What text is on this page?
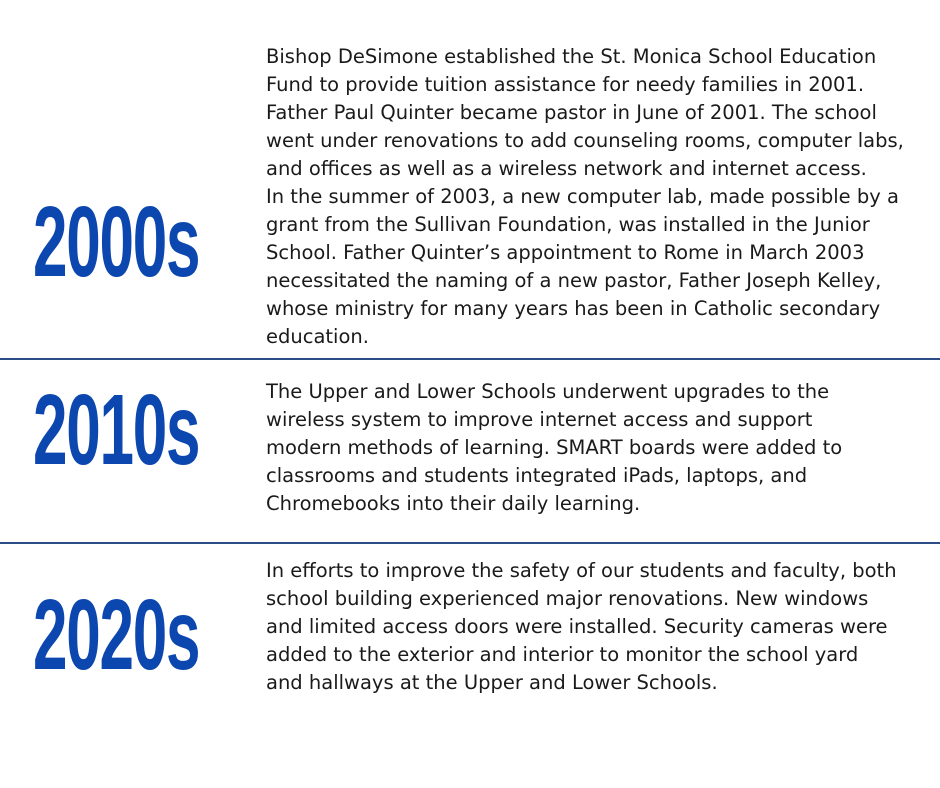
2000s
Bishop DeSimone established the St. Monica School Education
Fund to provide tuition assistance for needy families in 2001.
Father Paul Quinter became pastor in June of 2001. The school
went under renovations to add counseling rooms, computer labs,
and offices as well as a wireless network and internet access.
In the summer of 2003, a new computer lab, made possible by a
grant from the Sullivan Foundation, was installed in the Junior
School. Father Quinter’s appointment to Rome in March 2003
necessitated the naming of a new pastor, Father Joseph Kelley,
whose ministry for many years has been in Catholic secondary
education.
2010s	The Upper and Lower Schools underwent upgrades to the
wireless system to improve internet access and support
modern methods of learning. SMART boards were added to
classrooms and students integrated iPads, laptops, and
Chromebooks into their daily learning.
2020s
In efforts to improve the safety of our students and faculty, both
school building experienced major renovations. New windows
and limited access doors were installed. Security cameras were
added to the exterior and interior to monitor the school yard
and hallways at the Upper and Lower Schools.
